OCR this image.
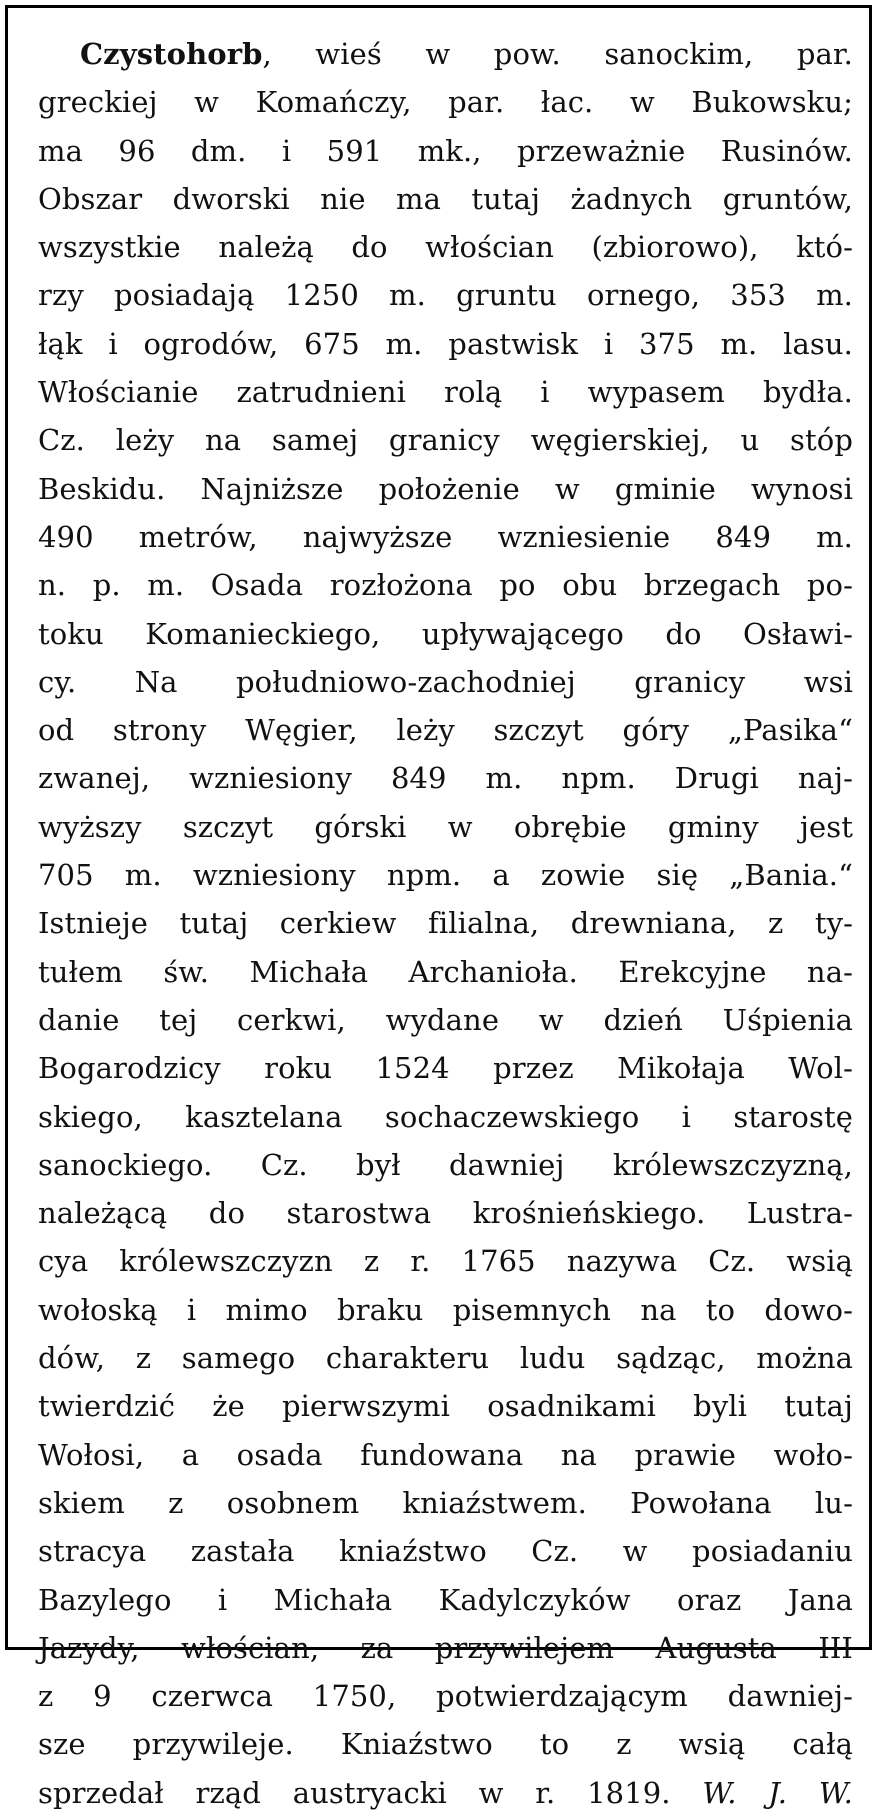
Czystohorb, wieś w pow. sanockim, par.
greckiej w Komańczy, par. łac. w Bukowsku;
ma 96 dm. i 591 mk., przeważnie Rusinów.
Obszar dworski nie ma tutaj żadnych gruntów,
wszystkie należą do włościan (zbiorowo), któ-
rzy posiadają 1250 m. gruntu ornego, 353 m.
łąk i ogrodów, 675 m. pastwisk i 375 m. lasu.
Włościanie zatrudnieni rolą i wypasem bydła.
Cz. leży na samej granicy węgierskiej, u stóp
Beskidu. Najniższe położenie w gminie wynosi
490 metrów, najwyższe wzniesienie 849 m.
n. p. m. Osada rozłożona po obu brzegach po-
toku Komanieckiego, upływającego do Osławi-
cy. Na południowo-zachodniej granicy wsi
od strony Węgier, leży szczyt góry „Pasika“
zwanej, wzniesiony 849 m. npm. Drugi naj-
wyższy szczyt górski w obrębie gminy jest
705 m. wzniesiony npm. a zowie się „Bania.“
Istnieje tutaj cerkiew filialna, drewniana, z ty-
tułem św. Michała Archanioła. Erekcyjne na-
danie tej cerkwi, wydane w dzień Uśpienia
Bogarodzicy roku 1524 przez Mikołaja Wol-
skiego, kasztelana sochaczewskiego i starostę
sanockiego. Cz. był dawniej królewszczyzną,
należącą do starostwa krośnieńskiego. Lustra-
cya królewszczyzn z r. 1765 nazywa Cz. wsią
wołoską i mimo braku pisemnych na to dowo-
dów, z samego charakteru ludu sądząc, można
twierdzić że pierwszymi osadnikami byli tutaj
Wołosi, a osada fundowana na prawie woło-
skiem z osobnem kniaźstwem. Powołana lu-
stracya zastała kniaźstwo Cz. w posiadaniu
Bazylego i Michała Kadylczyków oraz Jana
Jazydy, włościan, za przywilejem Augusta III
z 9 czerwca 1750, potwierdzającym dawniej-
sze przywileje. Kniaźstwo to z wsią całą
sprzedał rząd austryacki w r. 1819. W. J. W.
